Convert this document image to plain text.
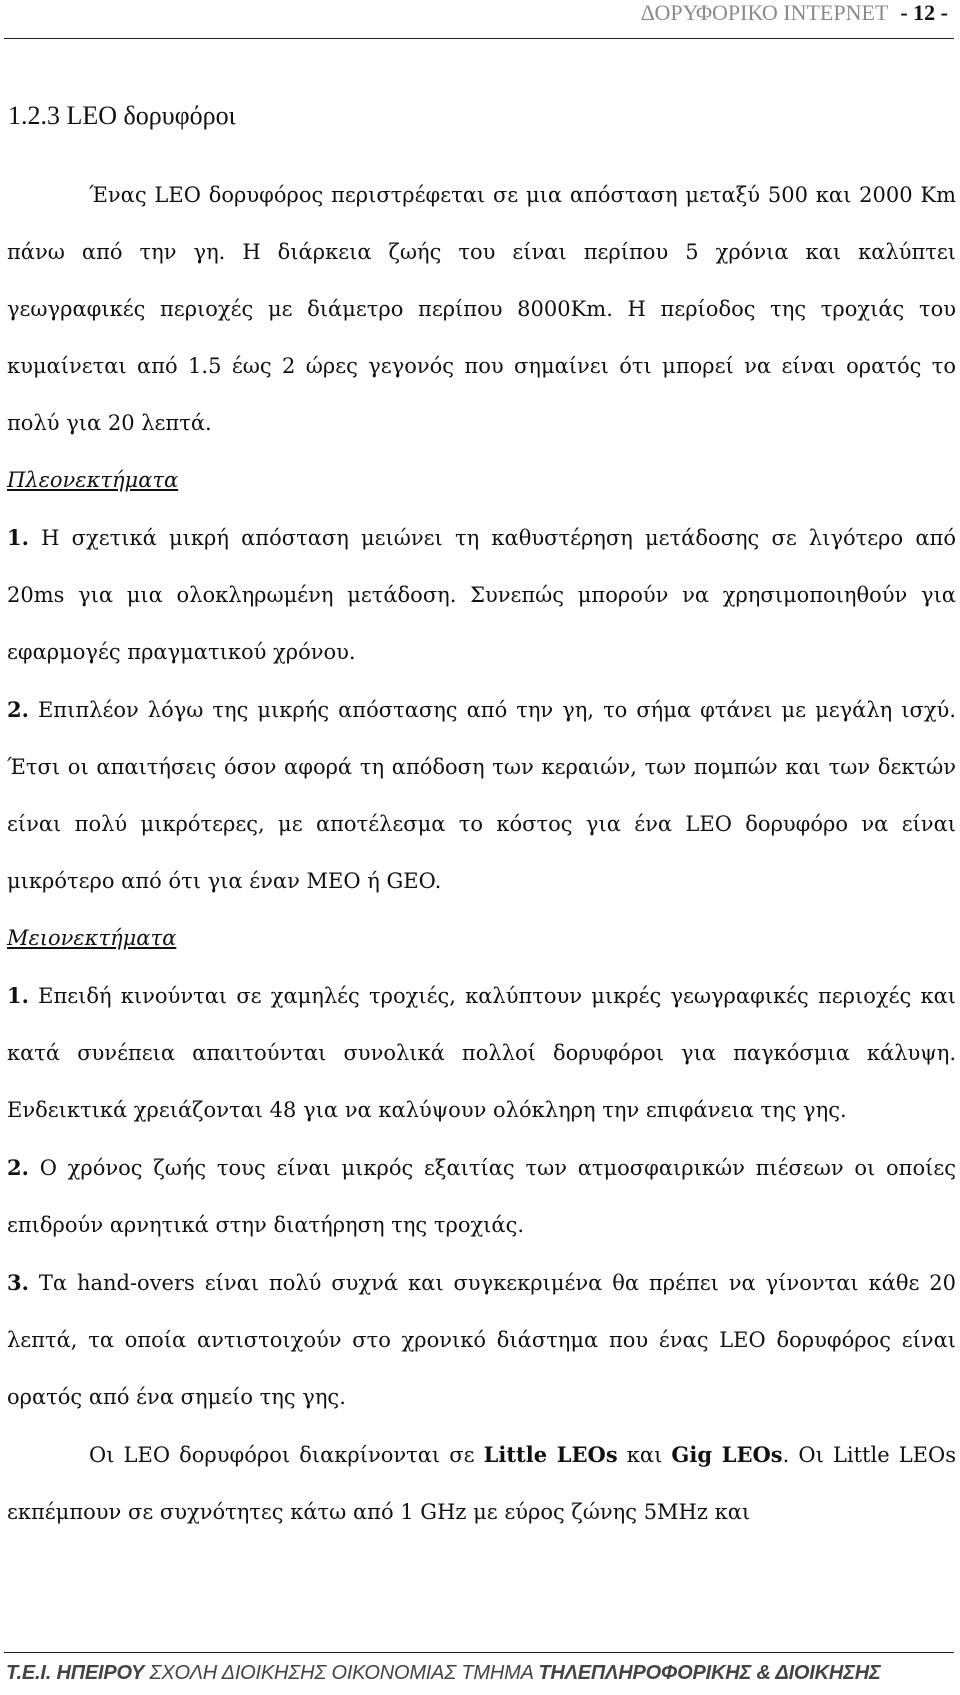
ΔΟΡΥΦΟΡΙΚΟ ΙΝΤΕΡΝΕΤ - 12 -
1.2.3 LEO δορυφόροι

Ένας LEO δορυφόρος περιστρέφεται σε μια απόσταση μεταξύ 500 και 2000 Km πάνω από την γη. Η διάρκεια ζωής του είναι περίπου 5 χρόνια και καλύπτει γεωγραφικές περιοχές με διάμετρο περίπου 8000Km. Η περίοδος της τροχιάς του κυμαίνεται από 1.5 έως 2 ώρες γεγονός που σημαίνει ότι μπορεί να είναι ορατός το πολύ για 20 λεπτά.

Πλεονεκτήματα

1. Η σχετικά μικρή απόσταση μειώνει τη καθυστέρηση μετάδοσης σε λιγότερο από 20ms για μια ολοκληρωμένη μετάδοση. Συνεπώς μπορούν να χρησιμοποιηθούν για εφαρμογές πραγματικού χρόνου.

2. Επιπλέον λόγω της μικρής απόστασης από την γη, το σήμα φτάνει με μεγάλη ισχύ. Έτσι οι απαιτήσεις όσον αφορά τη απόδοση των κεραιών, των πομπών και των δεκτών είναι πολύ μικρότερες, με αποτέλεσμα το κόστος για ένα LEO δορυφόρο να είναι μικρότερο από ότι για έναν MEO ή GEO.

Μειονεκτήματα

1. Επειδή κινούνται σε χαμηλές τροχιές, καλύπτουν μικρές γεωγραφικές περιοχές και κατά συνέπεια απαιτούνται συνολικά πολλοί δορυφόροι για παγκόσμια κάλυψη. Ενδεικτικά χρειάζονται 48 για να καλύψουν ολόκληρη την επιφάνεια της γης.

2. Ο χρόνος ζωής τους είναι μικρός εξαιτίας των ατμοσφαιρικών πιέσεων οι οποίες επιδρούν αρνητικά στην διατήρηση της τροχιάς.

3. Τα hand-overs είναι πολύ συχνά και συγκεκριμένα θα πρέπει να γίνονται κάθε 20 λεπτά, τα οποία αντιστοιχούν στο χρονικό διάστημα που ένας LEO δορυφόρος είναι ορατός από ένα σημείο της γης.

Οι LEO δορυφόροι διακρίνονται σε Little LEOs και Gig LEOs. Οι Little LEOs εκπέμπουν σε συχνότητες κάτω από 1 GHz με εύρος ζώνης 5MHz και

Τ.Ε.Ι. ΗΠΕΙΡΟΥ ΣΧΟΛΗ ΔΙΟΙΚΗΣΗΣ ΟΙΚΟΝΟΜΙΑΣ ΤΜΗΜΑ ΤΗΛΕΠΛΗΡΟΦΟΡΙΚΗΣ & ΔΙΟΙΚΗΣΗΣ
